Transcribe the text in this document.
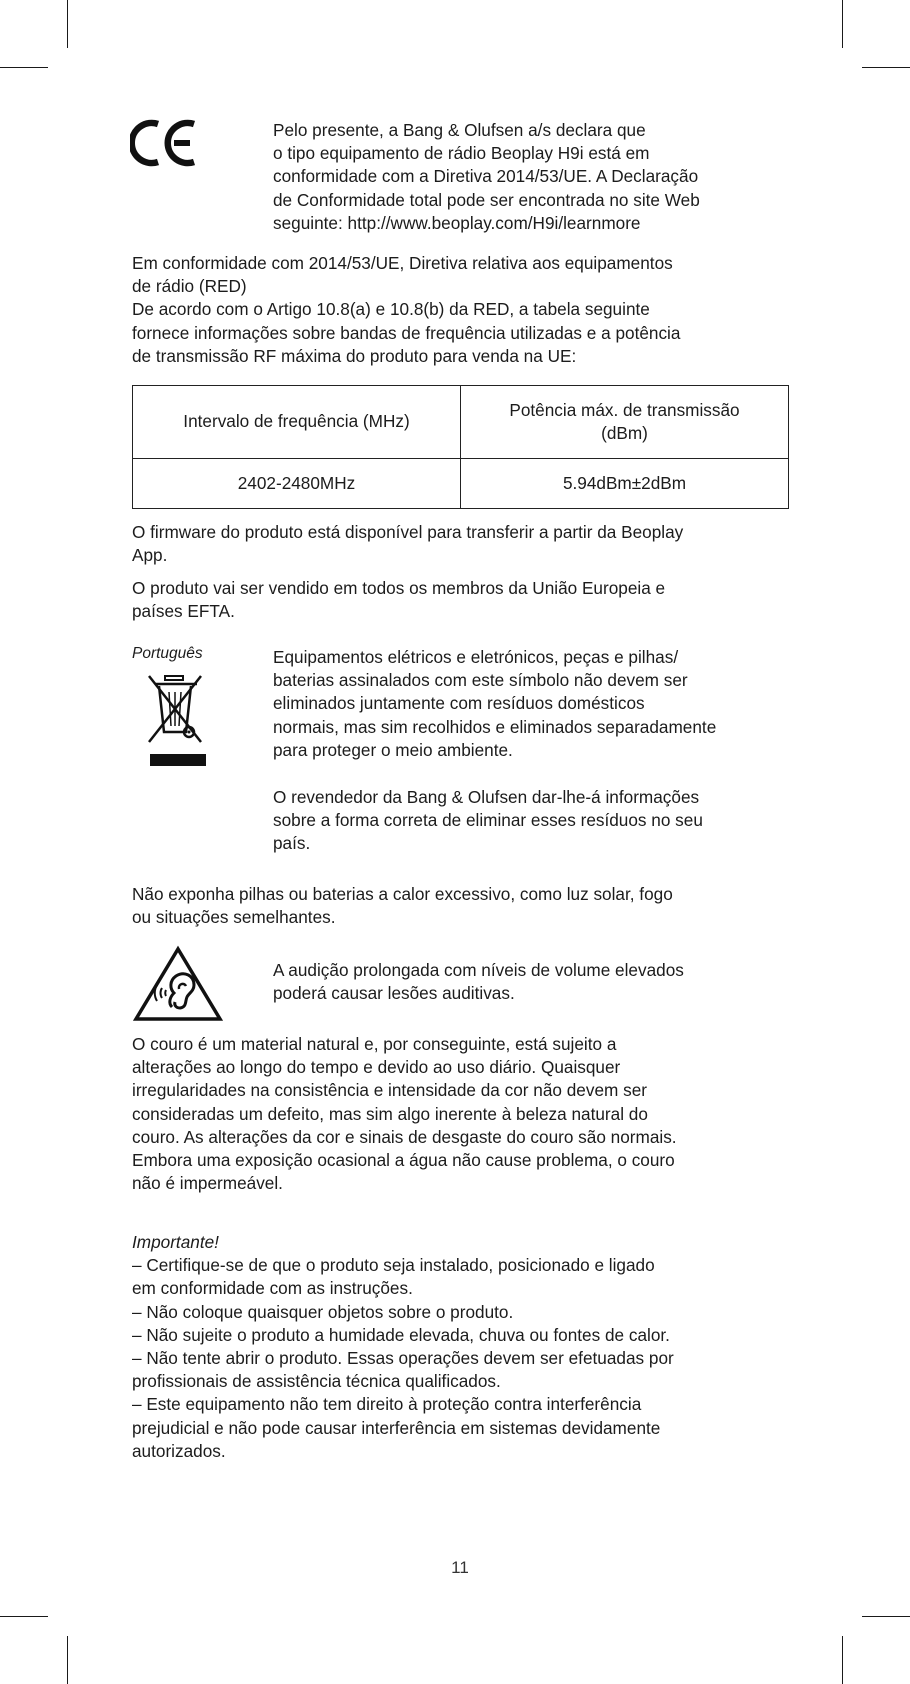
Pelo presente, a Bang & Olufsen a/s declara que
o tipo equipamento de rádio Beoplay H9i está em
conformidade com a Diretiva 2014/53/UE. A Declaração
de Conformidade total pode ser encontrada no site Web
seguinte: http://www.beoplay.com/H9i/learnmore
Em conformidade com 2014/53/UE, Diretiva relativa aos equipamentos
de rádio (RED)
De acordo com o Artigo 10.8(a) e 10.8(b) da RED, a tabela seguinte
fornece informações sobre bandas de frequência utilizadas e a potência
de transmissão RF máxima do produto para venda na UE:
Intervalo de frequência (MHz)	Potência máx. de transmissão
(dBm)

2402-2480MHz	5.94dBm±2dBm
O firmware do produto está disponível para transferir a partir da Beoplay
App.
O produto vai ser vendido em todos os membros da União Europeia e
países EFTA.
Português	Equipamentos elétricos e eletrónicos, peças e pilhas/
baterias assinalados com este símbolo não devem ser
eliminados juntamente com resíduos domésticos
normais, mas sim recolhidos e eliminados separadamente
para proteger o meio ambiente.
O revendedor da Bang & Olufsen dar-lhe-á informações
sobre a forma correta de eliminar esses resíduos no seu
país.
Não exponha pilhas ou baterias a calor excessivo, como luz solar, fogo
ou situações semelhantes.
A audição prolongada com níveis de volume elevados
poderá causar lesões auditivas.
O couro é um material natural e, por conseguinte, está sujeito a
alterações ao longo do tempo e devido ao uso diário. Quaisquer
irregularidades na consistência e intensidade da cor não devem ser
consideradas um defeito, mas sim algo inerente à beleza natural do
couro. As alterações da cor e sinais de desgaste do couro são normais.
Embora uma exposição ocasional a água não cause problema, o couro
não é impermeável.
Importante!
– Certifique-se de que o produto seja instalado, posicionado e ligado
em conformidade com as instruções.
– Não coloque quaisquer objetos sobre o produto.
– Não sujeite o produto a humidade elevada, chuva ou fontes de calor.
– Não tente abrir o produto. Essas operações devem ser efetuadas por
profissionais de assistência técnica qualificados.
– Este equipamento não tem direito à proteção contra interferência
prejudicial e não pode causar interferência em sistemas devidamente
autorizados.
11
